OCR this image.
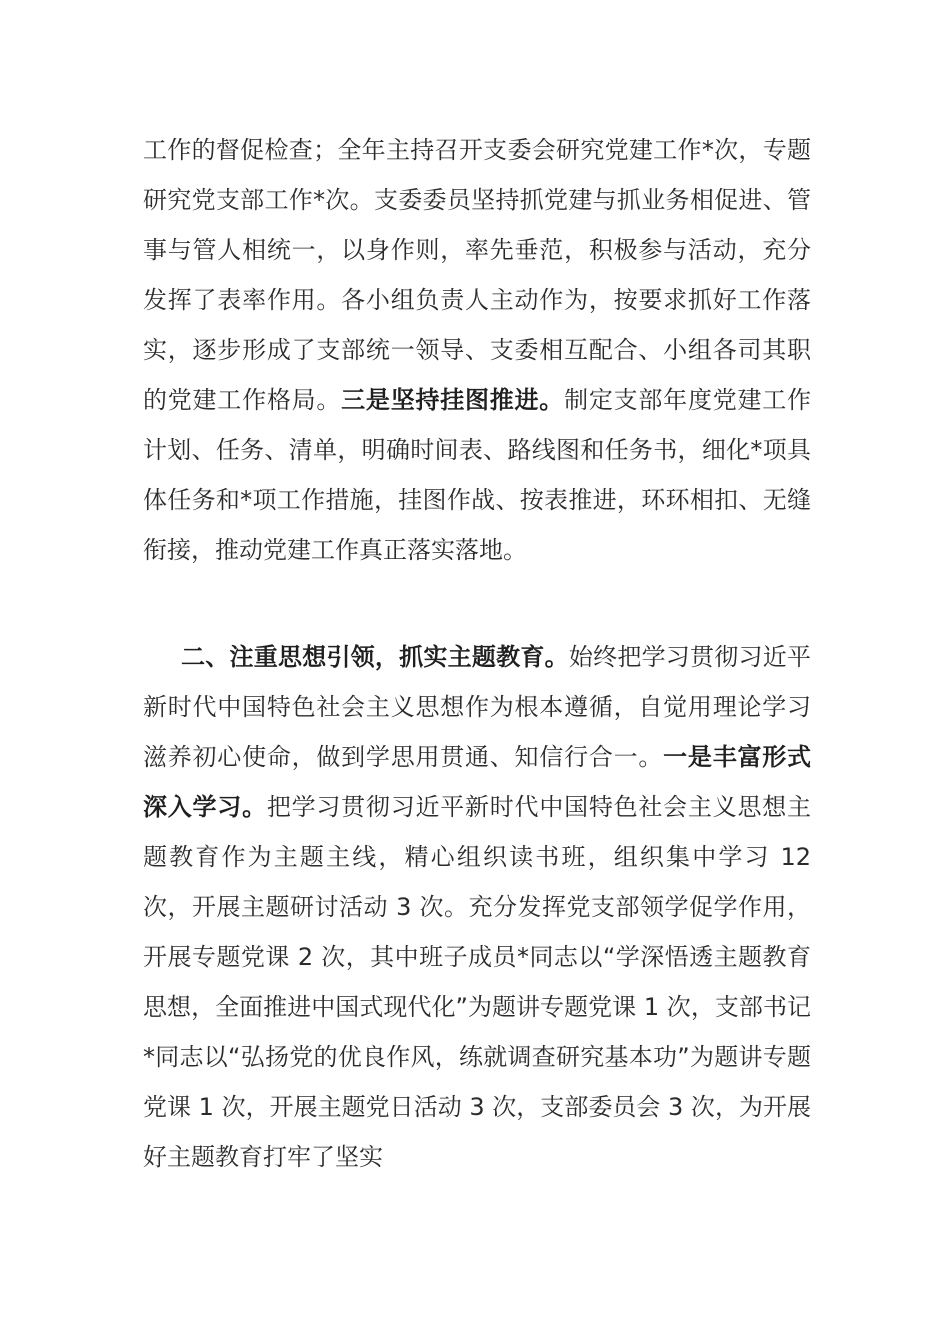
工作的督促检查；全年主持召开支委会研究党建工作*次，专题研究党支部工作*次。支委委员坚持抓党建与抓业务相促进、管事与管人相统一，以身作则，率先垂范，积极参与活动，充分发挥了表率作用。各小组负责人主动作为，按要求抓好工作落实，逐步形成了支部统一领导、支委相互配合、小组各司其职的党建工作格局。三是坚持挂图推进。制定支部年度党建工作计划、任务、清单，明确时间表、路线图和任务书，细化*项具体任务和*项工作措施，挂图作战、按表推进，环环相扣、无缝衔接，推动党建工作真正落实落地。

二、注重思想引领，抓实主题教育。始终把学习贯彻习近平新时代中国特色社会主义思想作为根本遵循，自觉用理论学习滋养初心使命，做到学思用贯通、知信行合一。一是丰富形式深入学习。把学习贯彻习近平新时代中国特色社会主义思想主题教育作为主题主线，精心组织读书班，组织集中学习 12 次，开展主题研讨活动 3 次。充分发挥党支部领学促学作用，开展专题党课 2 次，其中班子成员*同志以“学深悟透主题教育思想，全面推进中国式现代化”为题讲专题党课 1 次，支部书记*同志以“弘扬党的优良作风，练就调查研究基本功”为题讲专题党课 1 次，开展主题党日活动 3 次，支部委员会 3 次，为开展好主题教育打牢了坚实
